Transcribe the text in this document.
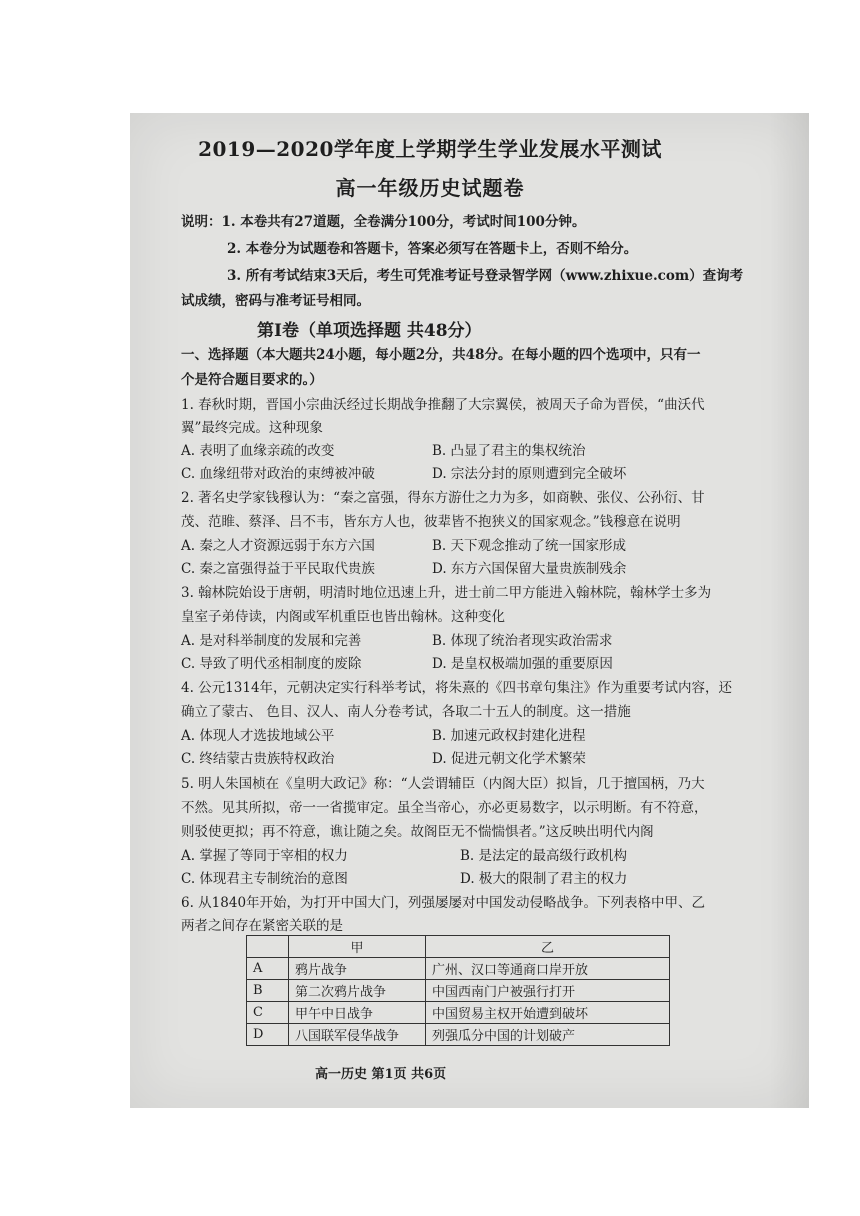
2019—2020学年度上学期学生学业发展水平测试
高一年级历史试题卷
说明：1. 本卷共有27道题，全卷满分100分，考试时间100分钟。
2. 本卷分为试题卷和答题卡，答案必须写在答题卡上，否则不给分。
3. 所有考试结束3天后，考生可凭准考证号登录智学网（www.zhixue.com）查询考
试成绩，密码与准考证号相同。
第Ⅰ卷（单项选择题 共48分）
一、选择题（本大题共24小题，每小题2分，共48分。在每小题的四个选项中，只有一
个是符合题目要求的。）
1. 春秋时期，晋国小宗曲沃经过长期战争推翻了大宗翼侯，被周天子命为晋侯，“曲沃代
翼”最终完成。这种现象
A. 表明了血缘亲疏的改变	B. 凸显了君主的集权统治
C. 血缘纽带对政治的束缚被冲破	D. 宗法分封的原则遭到完全破坏
2. 著名史学家钱穆认为：“秦之富强，得东方游仕之力为多，如商鞅、张仪、公孙衍、甘
茂、范睢、蔡泽、吕不韦，皆东方人也，彼辈皆不抱狭义的国家观念。”钱穆意在说明
A. 秦之人才资源远弱于东方六国	B. 天下观念推动了统一国家形成
C. 秦之富强得益于平民取代贵族	D. 东方六国保留大量贵族制残余
3. 翰林院始设于唐朝，明清时地位迅速上升，进士前二甲方能进入翰林院，翰林学士多为
皇室子弟侍读，内阁或军机重臣也皆出翰林。这种变化
A. 是对科举制度的发展和完善	B. 体现了统治者现实政治需求
C. 导致了明代丞相制度的废除	D. 是皇权极端加强的重要原因
4. 公元1314年，元朝决定实行科举考试，将朱熹的《四书章句集注》作为重要考试内容，还
确立了蒙古、 色目、汉人、南人分卷考试，各取二十五人的制度。这一措施
A. 体现人才选拔地域公平	B. 加速元政权封建化进程
C. 终结蒙古贵族特权政治	D. 促进元朝文化学术繁荣
5. 明人朱国桢在《皇明大政记》称：“人尝谓辅臣（内阁大臣）拟旨，几于擅国柄，乃大
不然。见其所拟，帝一一省揽审定。虽全当帝心，亦必更易数字，以示明断。有不符意，
则驳使更拟；再不符意，谯让随之矣。故阁臣无不惴惴惧者。”这反映出明代内阁
A. 掌握了等同于宰相的权力	B. 是法定的最高级行政机构
C. 体现君主专制统治的意图	D. 极大的限制了君主的权力
6. 从1840年开始，为打开中国大门，列强屡屡对中国发动侵略战争。下列表格中甲、乙
两者之间存在紧密关联的是
	甲	乙
A	鸦片战争	广州、汉口等通商口岸开放
B	第二次鸦片战争	中国西南门户被强行打开
C	甲午中日战争	中国贸易主权开始遭到破坏
D	八国联军侵华战争	列强瓜分中国的计划破产
高一历史 第1页 共6页
